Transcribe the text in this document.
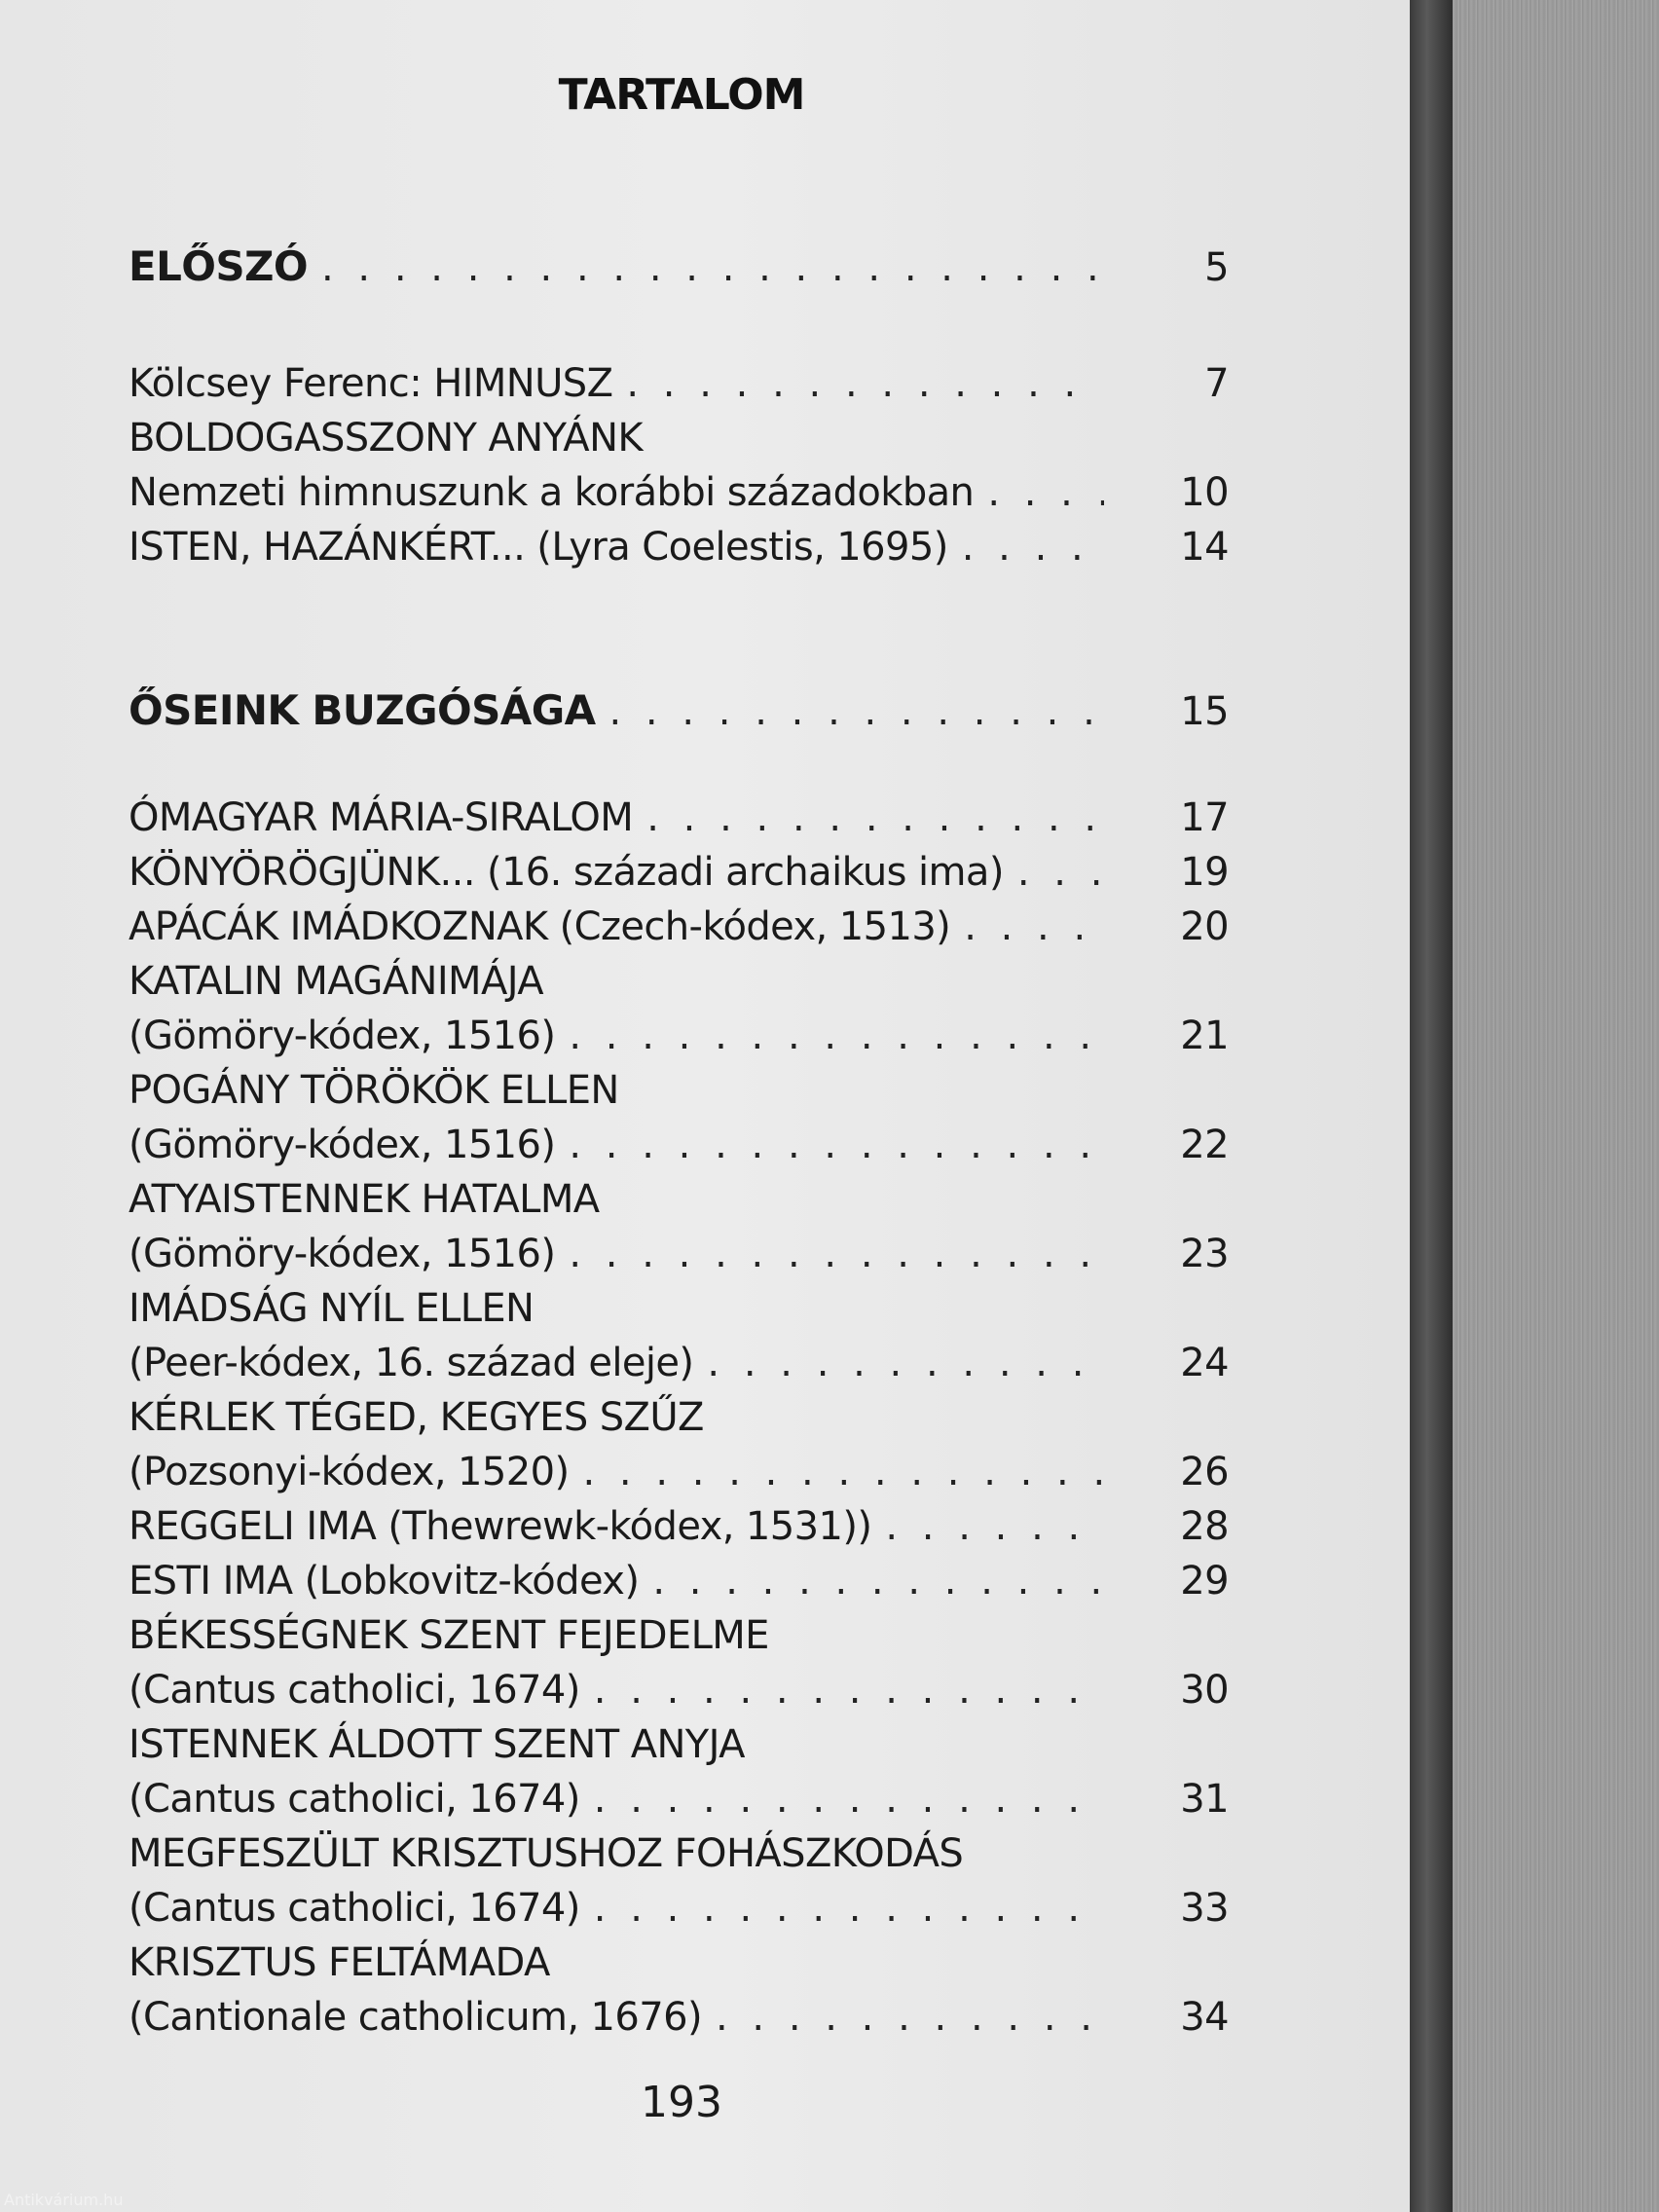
TARTALOM
ELŐSZÓ . . .	5
Kölcsey Ferenc: HIMNUSZ . . .	7
BOLDOGASSZONY ANYÁNK
Nemzeti himnuszunk a korábbi századokban . . .	10
ISTEN, HAZÁNKÉRT... (Lyra Coelestis, 1695) . . .	14
ŐSEINK BUZGÓSÁGA . . .	15
ÓMAGYAR MÁRIA-SIRALOM . . .	17
KÖNYÖRÖGJÜNK... (16. századi archaikus ima) . . .	19
APÁCÁK IMÁDKOZNAK (Czech-kódex, 1513) . . .	20
KATALIN MAGÁNIMÁJA
(Gömöry-kódex, 1516) . . .	21
POGÁNY TÖRÖKÖK ELLEN
(Gömöry-kódex, 1516) . . .	22
ATYAISTENNEK HATALMA
(Gömöry-kódex, 1516) . . .	23
IMÁDSÁG NYÍL ELLEN
(Peer-kódex, 16. század eleje) . . .	24
KÉRLEK TÉGED, KEGYES SZŰZ
(Pozsonyi-kódex, 1520) . . .	26
REGGELI IMA (Thewrewk-kódex, 1531)) . . .	28
ESTI IMA (Lobkovitz-kódex) . . .	29
BÉKESSÉGNEK SZENT FEJEDELME
(Cantus catholici, 1674) . . .	30
ISTENNEK ÁLDOTT SZENT ANYJA
(Cantus catholici, 1674) . . .	31
MEGFESZÜLT KRISZTUSHOZ FOHÁSZKODÁS
(Cantus catholici, 1674) . . .	33
KRISZTUS FELTÁMADA
(Cantionale catholicum, 1676) . . .	34
193
Antikvárium.hu
